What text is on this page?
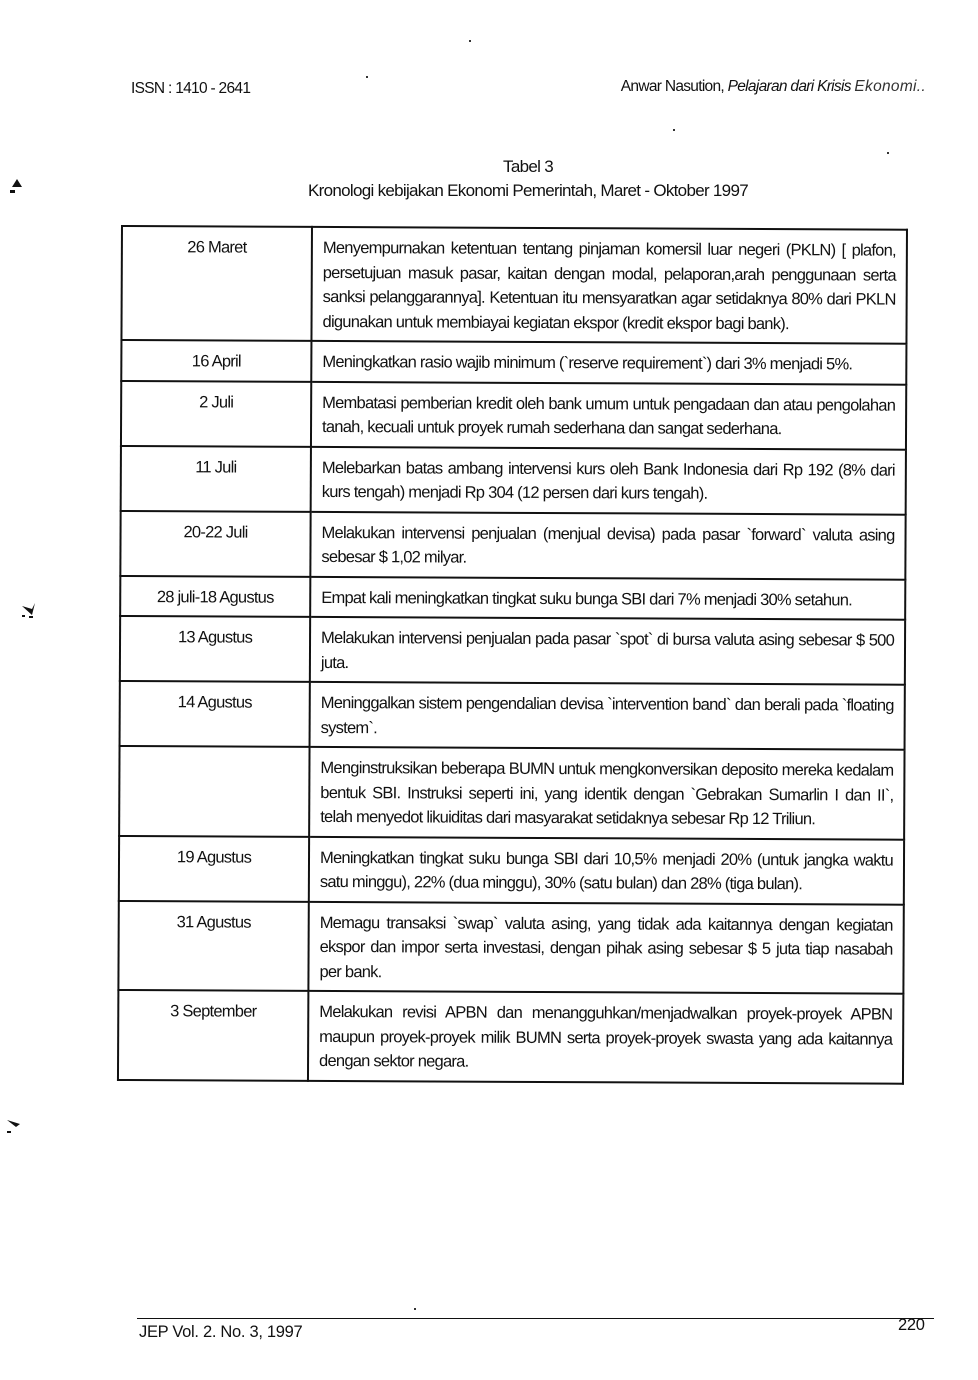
ISSN : 1410 - 2641	Anwar Nasution, Pelajaran dari Krisis Ekonomi..
Tabel 3
Kronologi kebijakan Ekonomi Pemerintah, Maret - Oktober 1997
26 Maret	Menyempurnakan ketentuan tentang pinjaman komersil luar negeri (PKLN) [ plafon, persetujuan masuk pasar, kaitan dengan modal, pelaporan,arah penggunaan serta sanksi pelanggarannya]. Ketentuan itu mensyaratkan agar setidaknya 80% dari PKLN digunakan untuk membiayai kegiatan ekspor (kredit ekspor bagi bank).
16 April	Meningkatkan rasio wajib minimum (`reserve requirement`) dari 3% menjadi 5%.
2 Juli	Membatasi pemberian kredit oleh bank umum untuk pengadaan dan atau pengolahan tanah, kecuali untuk proyek rumah sederhana dan sangat sederhana.
11 Juli	Melebarkan batas ambang intervensi kurs oleh Bank Indonesia dari Rp 192 (8% dari kurs tengah) menjadi Rp 304 (12 persen dari kurs tengah).
20-22 Juli	Melakukan intervensi penjualan (menjual devisa) pada pasar `forward` valuta asing sebesar $ 1,02 milyar.
28 juli-18 Agustus	Empat kali meningkatkan tingkat suku bunga SBI dari 7% menjadi 30% setahun.
13 Agustus	Melakukan intervensi penjualan pada pasar `spot` di bursa valuta asing sebesar $ 500 juta.
14 Agustus	Meninggalkan sistem pengendalian devisa `intervention band` dan berali pada `floating system`.
	Menginstruksikan beberapa BUMN untuk mengkonversikan deposito mereka kedalam bentuk SBI. Instruksi seperti ini, yang identik dengan `Gebrakan Sumarlin I dan II`, telah menyedot likuiditas dari masyarakat setidaknya sebesar Rp 12 Triliun.
19 Agustus	Meningkatkan tingkat suku bunga SBI dari 10,5% menjadi 20% (untuk jangka waktu satu minggu), 22% (dua minggu), 30% (satu bulan) dan 28% (tiga bulan).
31 Agustus	Memagu transaksi `swap` valuta asing, yang tidak ada kaitannya dengan kegiatan ekspor dan impor serta investasi, dengan pihak asing sebesar $ 5 juta tiap nasabah per bank.
3 September	Melakukan revisi APBN dan menangguhkan/menjadwalkan proyek-proyek APBN maupun proyek-proyek milik BUMN serta proyek-proyek swasta yang ada kaitannya dengan sektor negara.
JEP Vol. 2. No. 3, 1997	220
